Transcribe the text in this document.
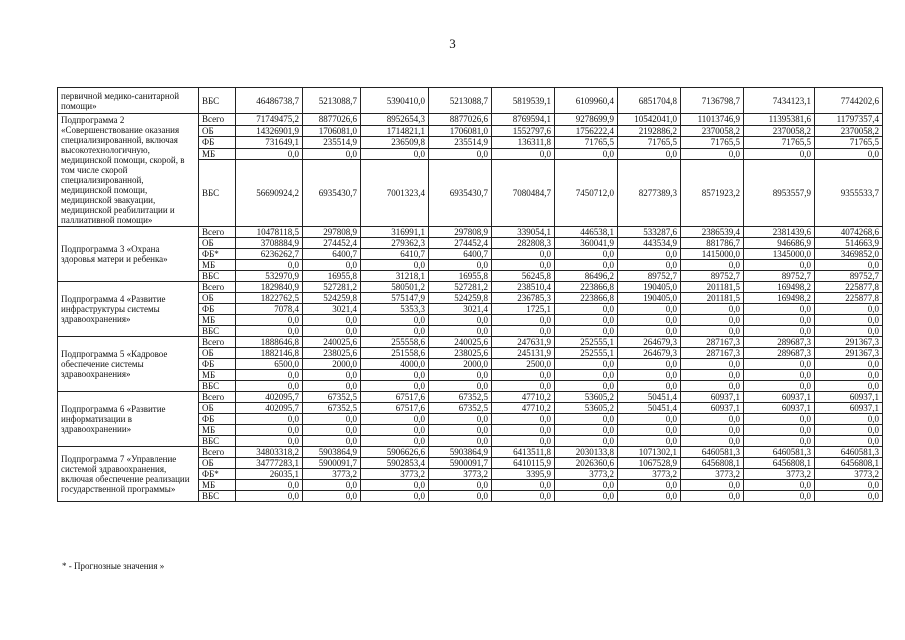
3
первичной медико-санитарной помощи»	ВБС	46486738,7	5213088,7	5390410,0	5213088,7	5819539,1	6109960,4	6851704,8	7136798,7	7434123,1	7744202,6
Подпрограмма 2 «Совершенствование оказания специализированной, включая высокотехнологичную, медицинской помощи, скорой, в том числе скорой специализированной, медицинской помощи, медицинской эвакуации, медицинской реабилитации и паллиативной помощи»	Всего	71749475,2	8877026,6	8952654,3	8877026,6	8769594,1	9278699,9	10542041,0	11013746,9	11395381,6	11797357,4
	ОБ	14326901,9	1706081,0	1714821,1	1706081,0	1552797,6	1756222,4	2192886,2	2370058,2	2370058,2	2370058,2
	ФБ	731649,1	235514,9	236509,8	235514,9	136311,8	71765,5	71765,5	71765,5	71765,5	71765,5
	МБ	0,0	0,0	0,0	0,0	0,0	0,0	0,0	0,0	0,0	0,0
	ВБС	56690924,2	6935430,7	7001323,4	6935430,7	7080484,7	7450712,0	8277389,3	8571923,2	8953557,9	9355533,7
Подпрограмма 3 «Охрана здоровья матери и ребенка»	Всего	10478118,5	297808,9	316991,1	297808,9	339054,1	446538,1	533287,6	2386539,4	2381439,6	4074268,6
	ОБ	3708884,9	274452,4	279362,3	274452,4	282808,3	360041,9	443534,9	881786,7	946686,9	514663,9
	ФБ*	6236262,7	6400,7	6410,7	6400,7	0,0	0,0	0,0	1415000,0	1345000,0	3469852,0
	МБ	0,0	0,0	0,0	0,0	0,0	0,0	0,0	0,0	0,0	0,0
	ВБС	532970,9	16955,8	31218,1	16955,8	56245,8	86496,2	89752,7	89752,7	89752,7	89752,7
Подпрограмма 4 «Развитие инфраструктуры системы здравоохранения»	Всего	1829840,9	527281,2	580501,2	527281,2	238510,4	223866,8	190405,0	201181,5	169498,2	225877,8
	ОБ	1822762,5	524259,8	575147,9	524259,8	236785,3	223866,8	190405,0	201181,5	169498,2	225877,8
	ФБ	7078,4	3021,4	5353,3	3021,4	1725,1	0,0	0,0	0,0	0,0	0,0
	МБ	0,0	0,0	0,0	0,0	0,0	0,0	0,0	0,0	0,0	0,0
	ВБС	0,0	0,0	0,0	0,0	0,0	0,0	0,0	0,0	0,0	0,0
Подпрограмма 5 «Кадровое обеспечение системы здравоохранения»	Всего	1888646,8	240025,6	255558,6	240025,6	247631,9	252555,1	264679,3	287167,3	289687,3	291367,3
	ОБ	1882146,8	238025,6	251558,6	238025,6	245131,9	252555,1	264679,3	287167,3	289687,3	291367,3
	ФБ	6500,0	2000,0	4000,0	2000,0	2500,0	0,0	0,0	0,0	0,0	0,0
	МБ	0,0	0,0	0,0	0,0	0,0	0,0	0,0	0,0	0,0	0,0
	ВБС	0,0	0,0	0,0	0,0	0,0	0,0	0,0	0,0	0,0	0,0
Подпрограмма 6 «Развитие информатизации в здравоохранении»	Всего	402095,7	67352,5	67517,6	67352,5	47710,2	53605,2	50451,4	60937,1	60937,1	60937,1
	ОБ	402095,7	67352,5	67517,6	67352,5	47710,2	53605,2	50451,4	60937,1	60937,1	60937,1
	ФБ	0,0	0,0	0,0	0,0	0,0	0,0	0,0	0,0	0,0	0,0
	МБ	0,0	0,0	0,0	0,0	0,0	0,0	0,0	0,0	0,0	0,0
	ВБС	0,0	0,0	0,0	0,0	0,0	0,0	0,0	0,0	0,0	0,0
Подпрограмма 7 «Управление системой здравоохранения, включая обеспечение реализации государственной программы»	Всего	34803318,2	5903864,9	5906626,6	5903864,9	6413511,8	2030133,8	1071302,1	6460581,3	6460581,3	6460581,3
	ОБ	34777283,1	5900091,7	5902853,4	5900091,7	6410115,9	2026360,6	1067528,9	6456808,1	6456808,1	6456808,1
	ФБ*	26035,1	3773,2	3773,2	3773,2	3395,9	3773,2	3773,2	3773,2	3773,2	3773,2
	МБ	0,0	0,0	0,0	0,0	0,0	0,0	0,0	0,0	0,0	0,0
	ВБС	0,0	0,0	0,0	0,0	0,0	0,0	0,0	0,0	0,0	0,0
* - Прогнозные значения »
